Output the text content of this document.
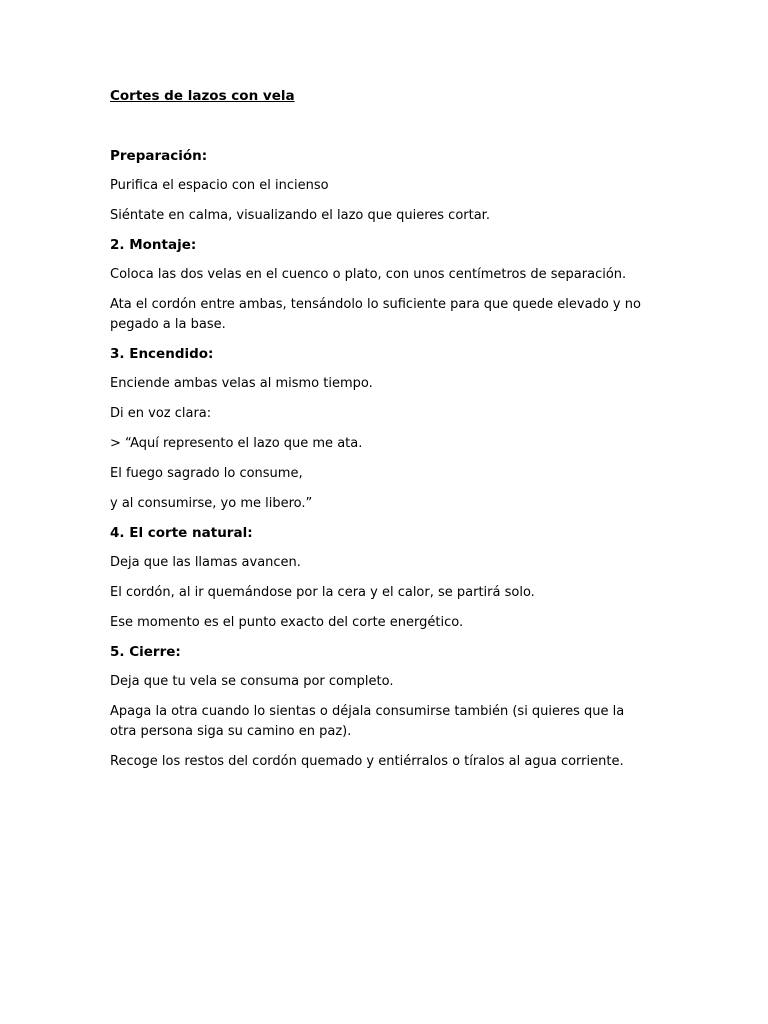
Cortes de lazos con vela
Preparación:

Purifica el espacio con el incienso

Siéntate en calma, visualizando el lazo que quieres cortar.

2. Montaje:

Coloca las dos velas en el cuenco o plato, con unos centímetros de separación.

Ata el cordón entre ambas, tensándolo lo suficiente para que quede elevado y no pegado a la base.

3. Encendido:

Enciende ambas velas al mismo tiempo.

Di en voz clara:

> “Aquí represento el lazo que me ata.

El fuego sagrado lo consume,

y al consumirse, yo me libero.”

4. El corte natural:

Deja que las llamas avancen.

El cordón, al ir quemándose por la cera y el calor, se partirá solo.

Ese momento es el punto exacto del corte energético.

5. Cierre:

Deja que tu vela se consuma por completo.

Apaga la otra cuando lo sientas o déjala consumirse también (si quieres que la otra persona siga su camino en paz).

Recoge los restos del cordón quemado y entiérralos o tíralos al agua corriente.
